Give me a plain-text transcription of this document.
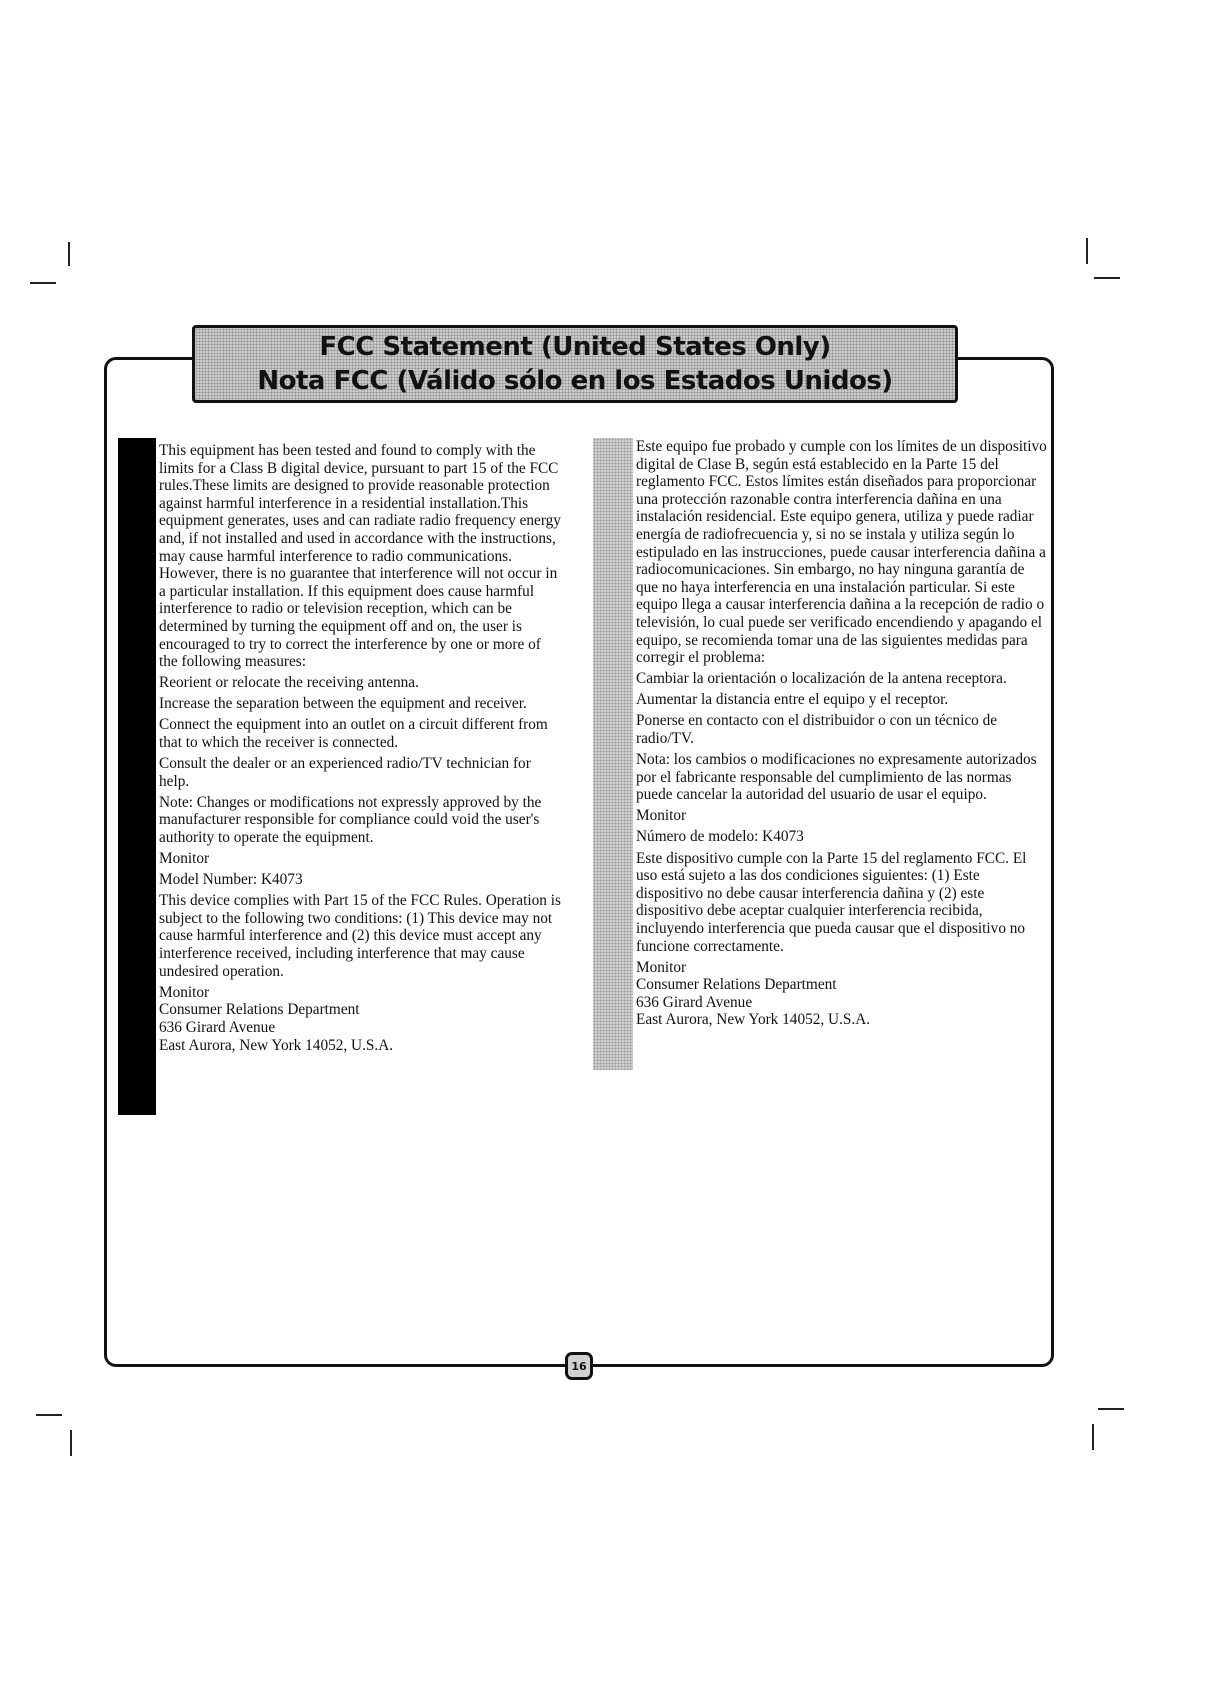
FCC Statement (United States Only)
Nota FCC (Válido sólo en los Estados Unidos)

This equipment has been tested and found to comply with the limits for a Class B digital device, pursuant to part 15 of the FCC rules.These limits are designed to provide reasonable protection against harmful interference in a residential installation.This equipment generates, uses and can radiate radio frequency energy and, if not installed and used in accordance with the instructions, may cause harmful interference to radio communications. However, there is no guarantee that interference will not occur in a particular installation. If this equipment does cause harmful interference to radio or television reception, which can be determined by turning the equipment off and on, the user is encouraged to try to correct the interference by one or more of the following measures:

Reorient or relocate the receiving antenna.

Increase the separation between the equipment and receiver.

Connect the equipment into an outlet on a circuit different from that to which the receiver is connected.

Consult the dealer or an experienced radio/TV technician for help.

Note: Changes or modifications not expressly approved by the manufacturer responsible for compliance could void the user's authority to operate the equipment.

Monitor

Model Number: K4073

This device complies with Part 15 of the FCC Rules. Operation is subject to the following two conditions: (1) This device may not cause harmful interference and (2) this device must accept any interference received, including interference that may cause undesired operation.

Monitor
Consumer Relations Department
636 Girard Avenue
East Aurora, New York 14052, U.S.A.

Este equipo fue probado y cumple con los límites de un dispositivo digital de Clase B, según está establecido en la Parte 15 del reglamento FCC. Estos límites están diseñados para proporcionar una protección razonable contra interferencia dañina en una instalación residencial. Este equipo genera, utiliza y puede radiar energía de radiofrecuencia y, si no se instala y utiliza según lo estipulado en las instrucciones, puede causar interferencia dañina a radiocomunicaciones. Sin embargo, no hay ninguna garantía de que no haya interferencia en una instalación particular. Si este equipo llega a causar interferencia dañina a la recepción de radio o televisión, lo cual puede ser verificado encendiendo y apagando el equipo, se recomienda tomar una de las siguientes medidas para corregir el problema:

Cambiar la orientación o localización de la antena receptora.

Aumentar la distancia entre el equipo y el receptor.

Ponerse en contacto con el distribuidor o con un técnico de radio/TV.

Nota: los cambios o modificaciones no expresamente autorizados por el fabricante responsable del cumplimiento de las normas puede cancelar la autoridad del usuario de usar el equipo.

Monitor

Número de modelo: K4073

Este dispositivo cumple con la Parte 15 del reglamento FCC. El uso está sujeto a las dos condiciones siguientes: (1) Este dispositivo no debe causar interferencia dañina y (2) este dispositivo debe aceptar cualquier interferencia recibida, incluyendo interferencia que pueda causar que el dispositivo no funcione correctamente.

Monitor
Consumer Relations Department
636 Girard Avenue
East Aurora, New York 14052, U.S.A.
16
